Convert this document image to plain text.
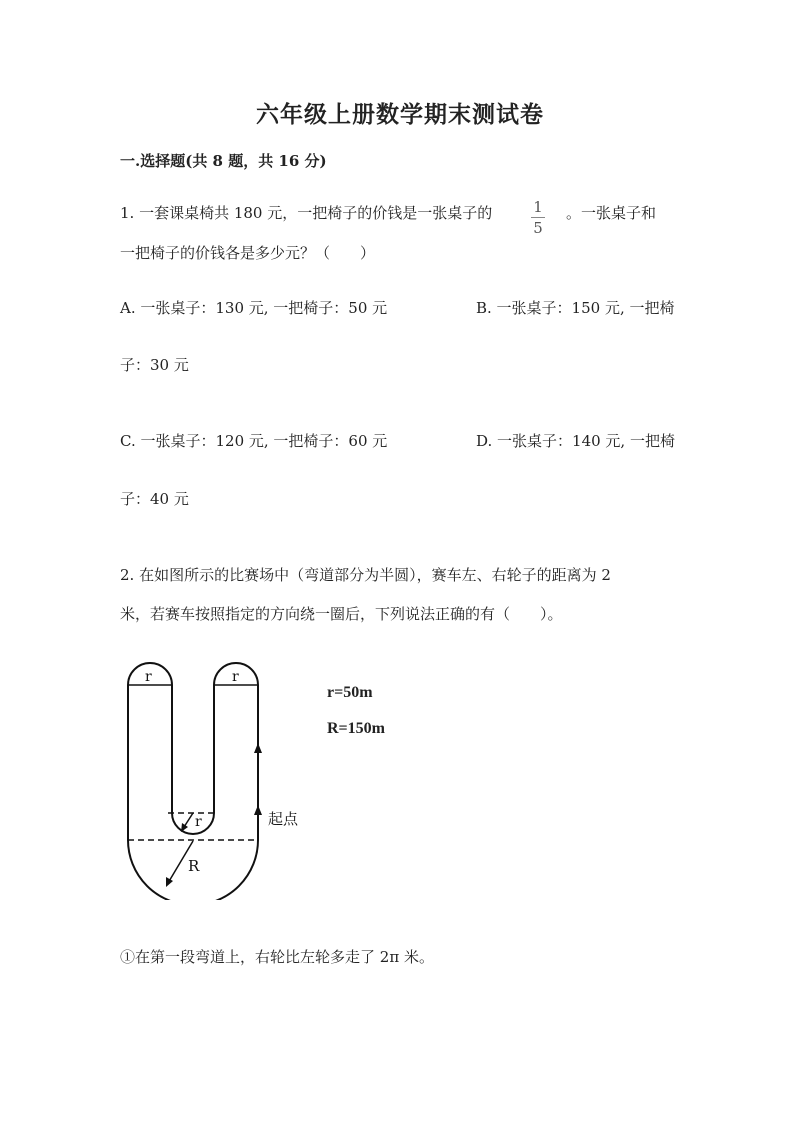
六年级上册数学期末测试卷
一.选择题(共 8 题，共 16 分)
1. 一套课桌椅共 180 元，一把椅子的价钱是一张桌子的	1
5
。一张桌子和
一把椅子的价钱各是多少元？（　　）
A. 一张桌子：130 元, 一把椅子：50 元	B. 一张桌子：150 元, 一把椅
子：30 元
C. 一张桌子：120 元, 一把椅子：60 元	D. 一张桌子：140 元, 一把椅
子：40 元
2. 在如图所示的比赛场中（弯道部分为半圆），赛车左、右轮子的距离为 2
米，若赛车按照指定的方向绕一圈后，下列说法正确的有（　　）。
r	r
r
R
起点
r=50m
R=150m
①在第一段弯道上，右轮比左轮多走了 2π 米。
